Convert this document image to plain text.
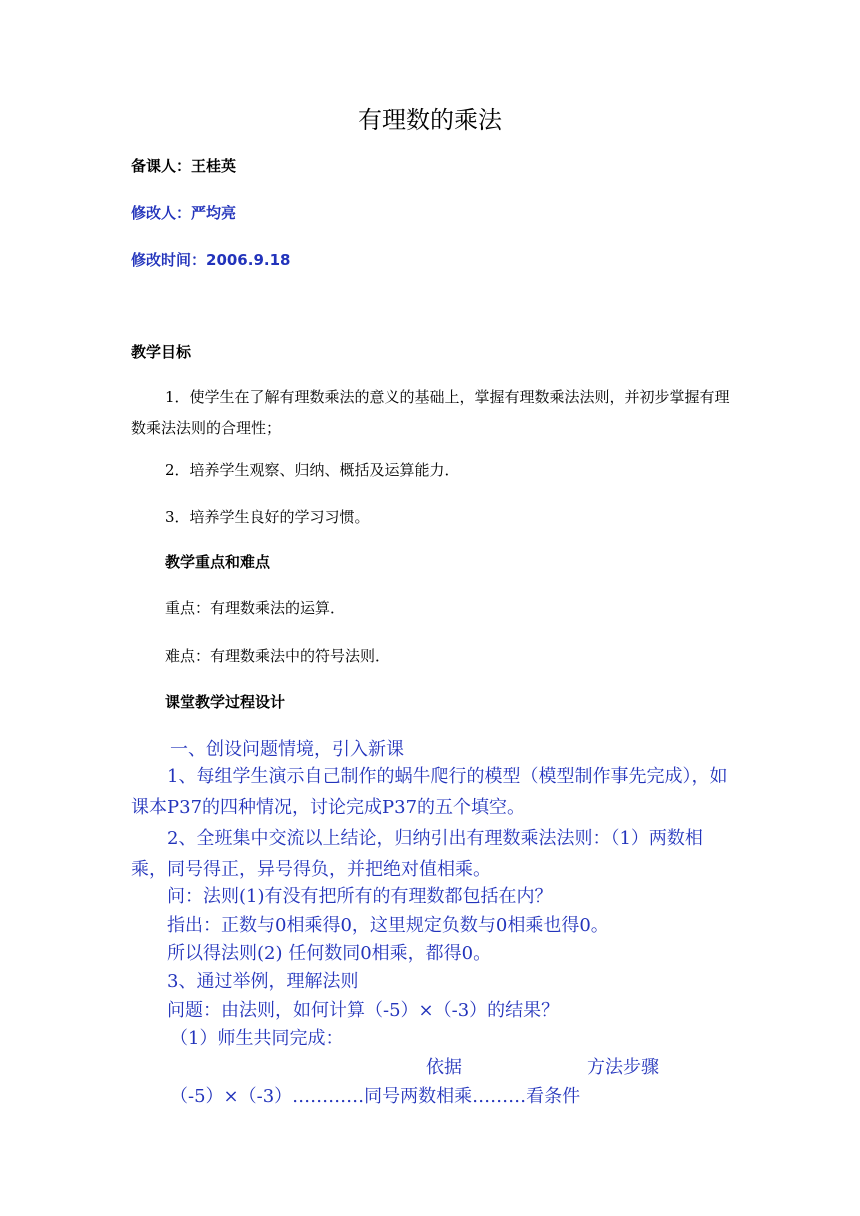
有理数的乘法
备课人：王桂英
修改人：严均亮
修改时间：2006.9.18
教学目标
1．使学生在了解有理数乘法的意义的基础上，掌握有理数乘法法则，并初步掌握有理数乘法法则的合理性；
2．培养学生观察、归纳、概括及运算能力．
3．培养学生良好的学习习惯。
教学重点和难点
重点：有理数乘法的运算．
难点：有理数乘法中的符号法则．
课堂教学过程设计
一、创设问题情境，引入新课
1、每组学生演示自己制作的蜗牛爬行的模型（模型制作事先完成），如课本P37的四种情况，讨论完成P37的五个填空。
2、全班集中交流以上结论，归纳引出有理数乘法法则：（1）两数相乘，同号得正，异号得负，并把绝对值相乘。
问：法则(1)有没有把所有的有理数都包括在内？
指出：正数与0相乘得0，这里规定负数与0相乘也得0。
所以得法则(2) 任何数同0相乘，都得0。
3、通过举例，理解法则
问题：由法则，如何计算（-5）×（-3）的结果？
（1）师生共同完成：
依据	方法步骤
（-5）×（-3）…………同号两数相乘………看条件
